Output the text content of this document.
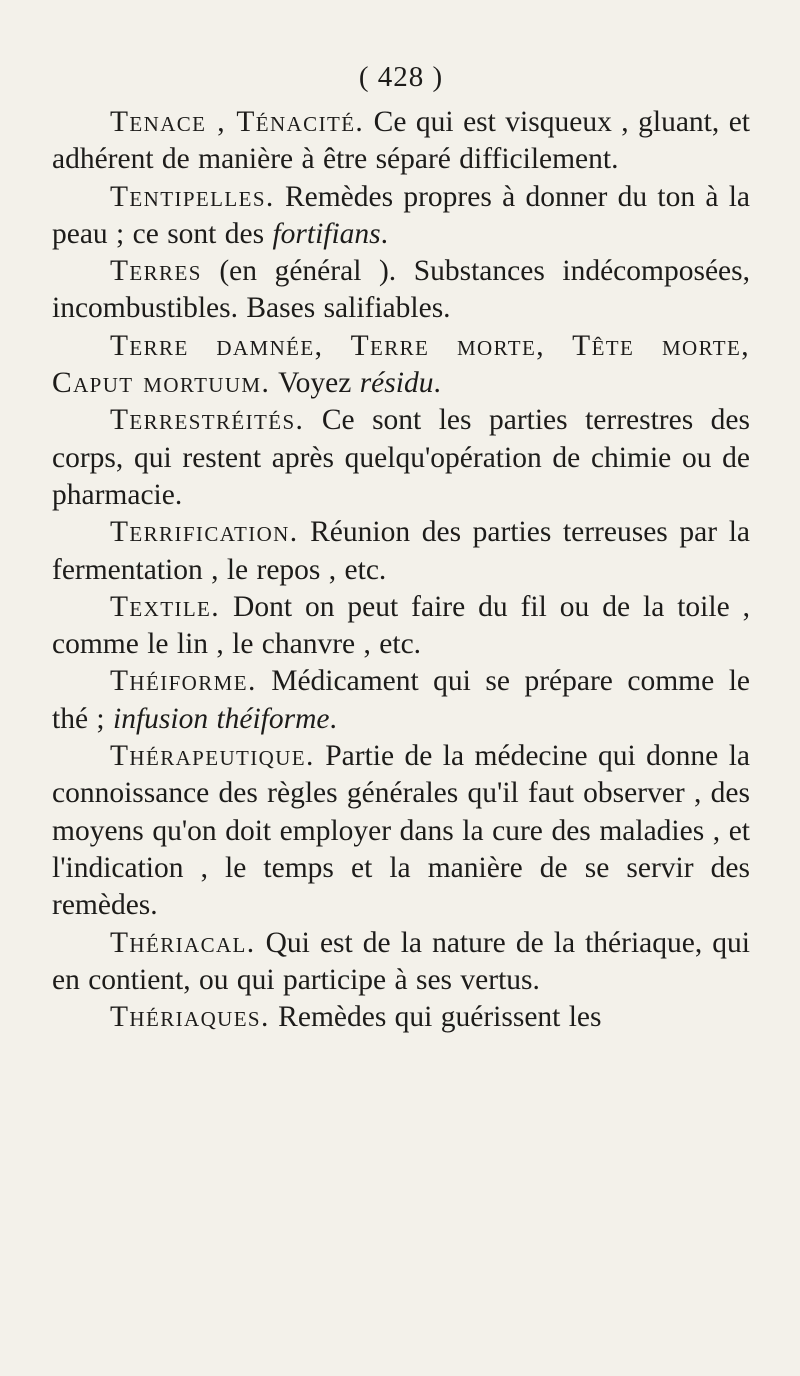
( 428 )

Tenace , Ténacité. Ce qui est visqueux , gluant, et adhérent de manière à être séparé difficilement.

Tentipelles. Remèdes propres à donner du ton à la peau ; ce sont des fortifians.

Terres (en général ). Substances indécomposées, incombustibles. Bases salifiables.

Terre damnée, Terre morte, Tête morte, Caput mortuum. Voyez résidu.

Terrestréités. Ce sont les parties terrestres des corps, qui restent après quelqu'opération de chimie ou de pharmacie.

Terrification. Réunion des parties terreuses par la fermentation , le repos , etc.

Textile. Dont on peut faire du fil ou de la toile , comme le lin , le chanvre , etc.

Théiforme. Médicament qui se prépare comme le thé ; infusion théiforme.

Thérapeutique. Partie de la médecine qui donne la connoissance des règles générales qu'il faut observer , des moyens qu'on doit employer dans la cure des maladies , et l'indication , le temps et la manière de se servir des remèdes.

Thériacal. Qui est de la nature de la thériaque, qui en contient, ou qui participe à ses vertus.

Thériaques. Remèdes qui guérissent les
